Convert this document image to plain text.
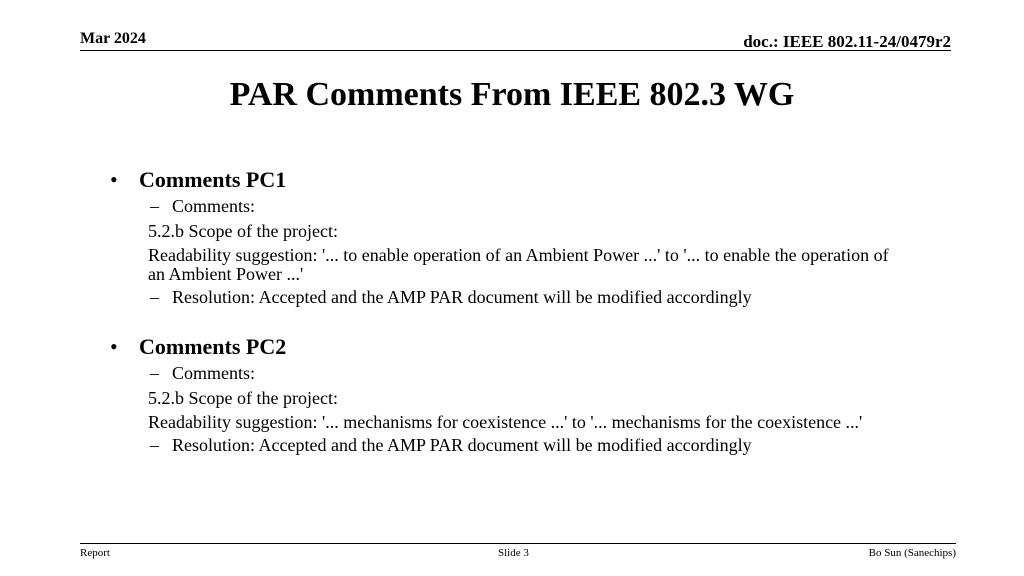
Mar 2024	doc.: IEEE 802.11-24/0479r2
PAR Comments From IEEE 802.3 WG
• Comments PC1
– Comments:
5.2.b Scope of the project:
Readability suggestion: '... to enable operation of an Ambient Power ...' to '... to enable the operation of an Ambient Power ...'
– Resolution: Accepted and the AMP PAR document will be modified accordingly
• Comments PC2
– Comments:
5.2.b Scope of the project:
Readability suggestion: '... mechanisms for coexistence ...' to '... mechanisms for the coexistence ...'
– Resolution: Accepted and the AMP PAR document will be modified accordingly
Report	Slide 3	Bo Sun (Sanechips)
